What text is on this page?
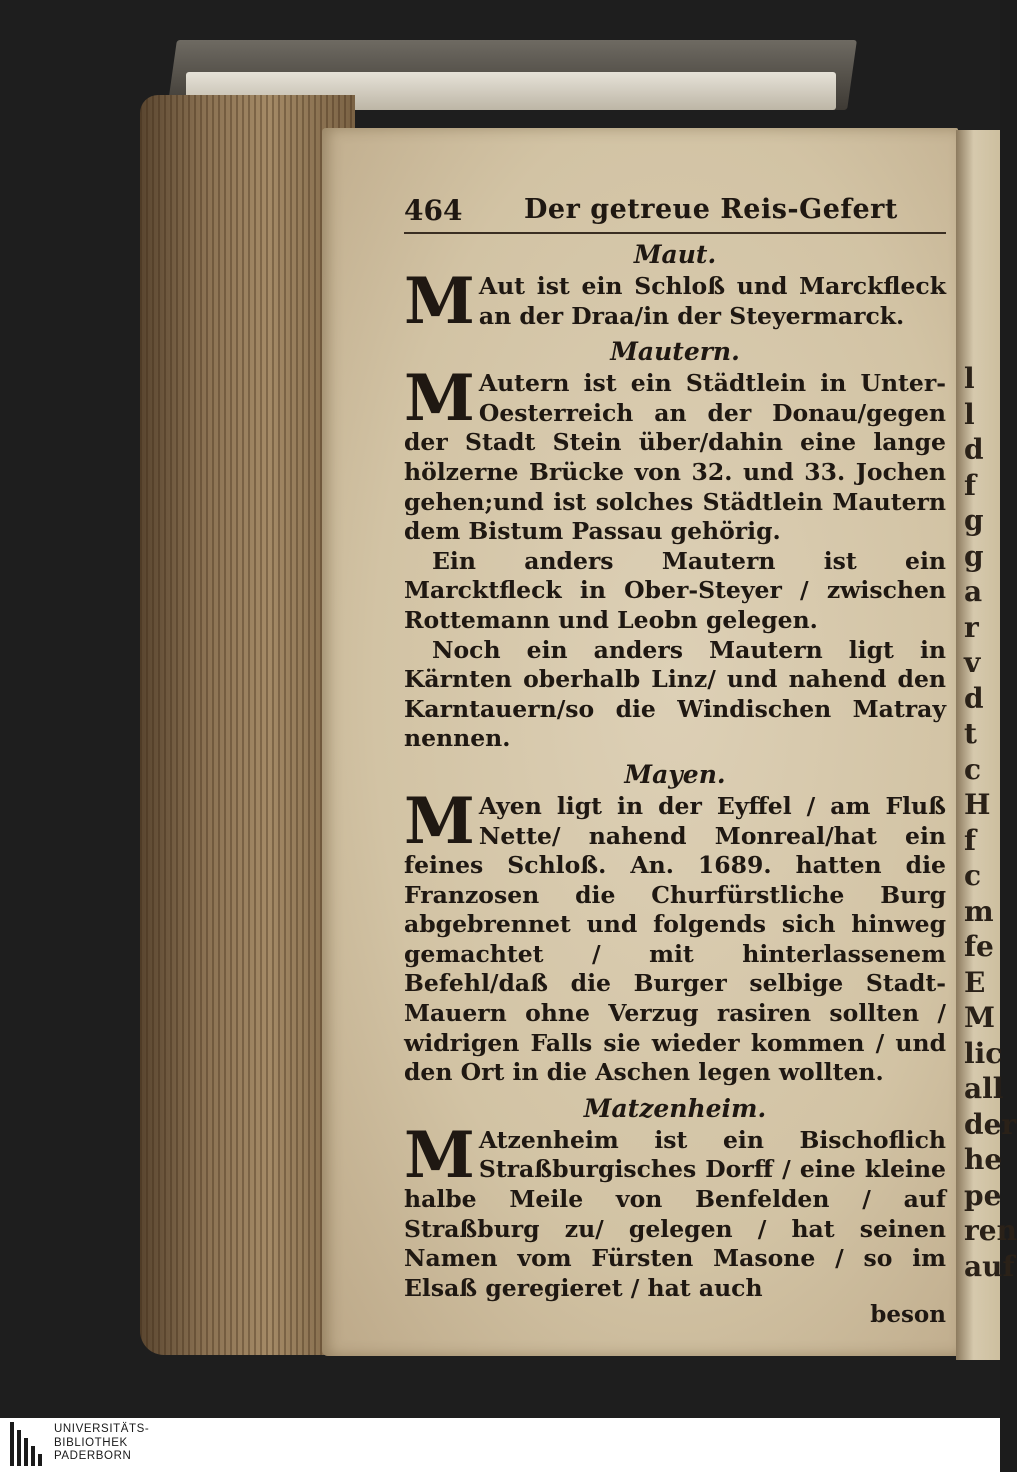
l
l
d
f
g
g
a
r
v
d
t
c
H
f
c
m
fe
E
M
lic
all
der
he
pe
ren
auf
464 Der getreue Reis-Gefert
Maut.

M Aut ist ein Schloß und Marckfleck an der Draa/in der Steyermarck.

Mautern.

M Autern ist ein Städtlein in Unter-Oesterreich an der Donau/gegen der Stadt Stein über/dahin eine lange hölzerne Brücke von 32. und 33. Jochen gehen;und ist solches Städtlein Mautern dem Bistum Passau gehörig.

Ein anders Mautern ist ein Marcktfleck in Ober-Steyer / zwischen Rottemann und Leobn gelegen.

Noch ein anders Mautern ligt in Kärnten oberhalb Linz/ und nahend den Karntauern/so die Windischen Matray nennen.

Mayen.

M Ayen ligt in der Eyffel / am Fluß Nette/ nahend Monreal/hat ein feines Schloß. An. 1689. hatten die Franzosen die Churfürstliche Burg abgebrennet und folgends sich hinweg gemachtet / mit hinterlassenem Befehl/daß die Burger selbige Stadt-Mauern ohne Verzug rasiren sollten / widrigen Falls sie wieder kommen / und den Ort in die Aschen legen wollten.

Matzenheim.

M Atzenheim ist ein Bischoflich Straßburgisches Dorff / eine kleine halbe Meile von Benfelden / auf Straßburg zu/ gelegen / hat seinen Namen vom Fürsten Masone / so im Elsaß geregieret / hat auch

beson
UNIVERSITÄTS-
BIBLIOTHEK
PADERBORN
